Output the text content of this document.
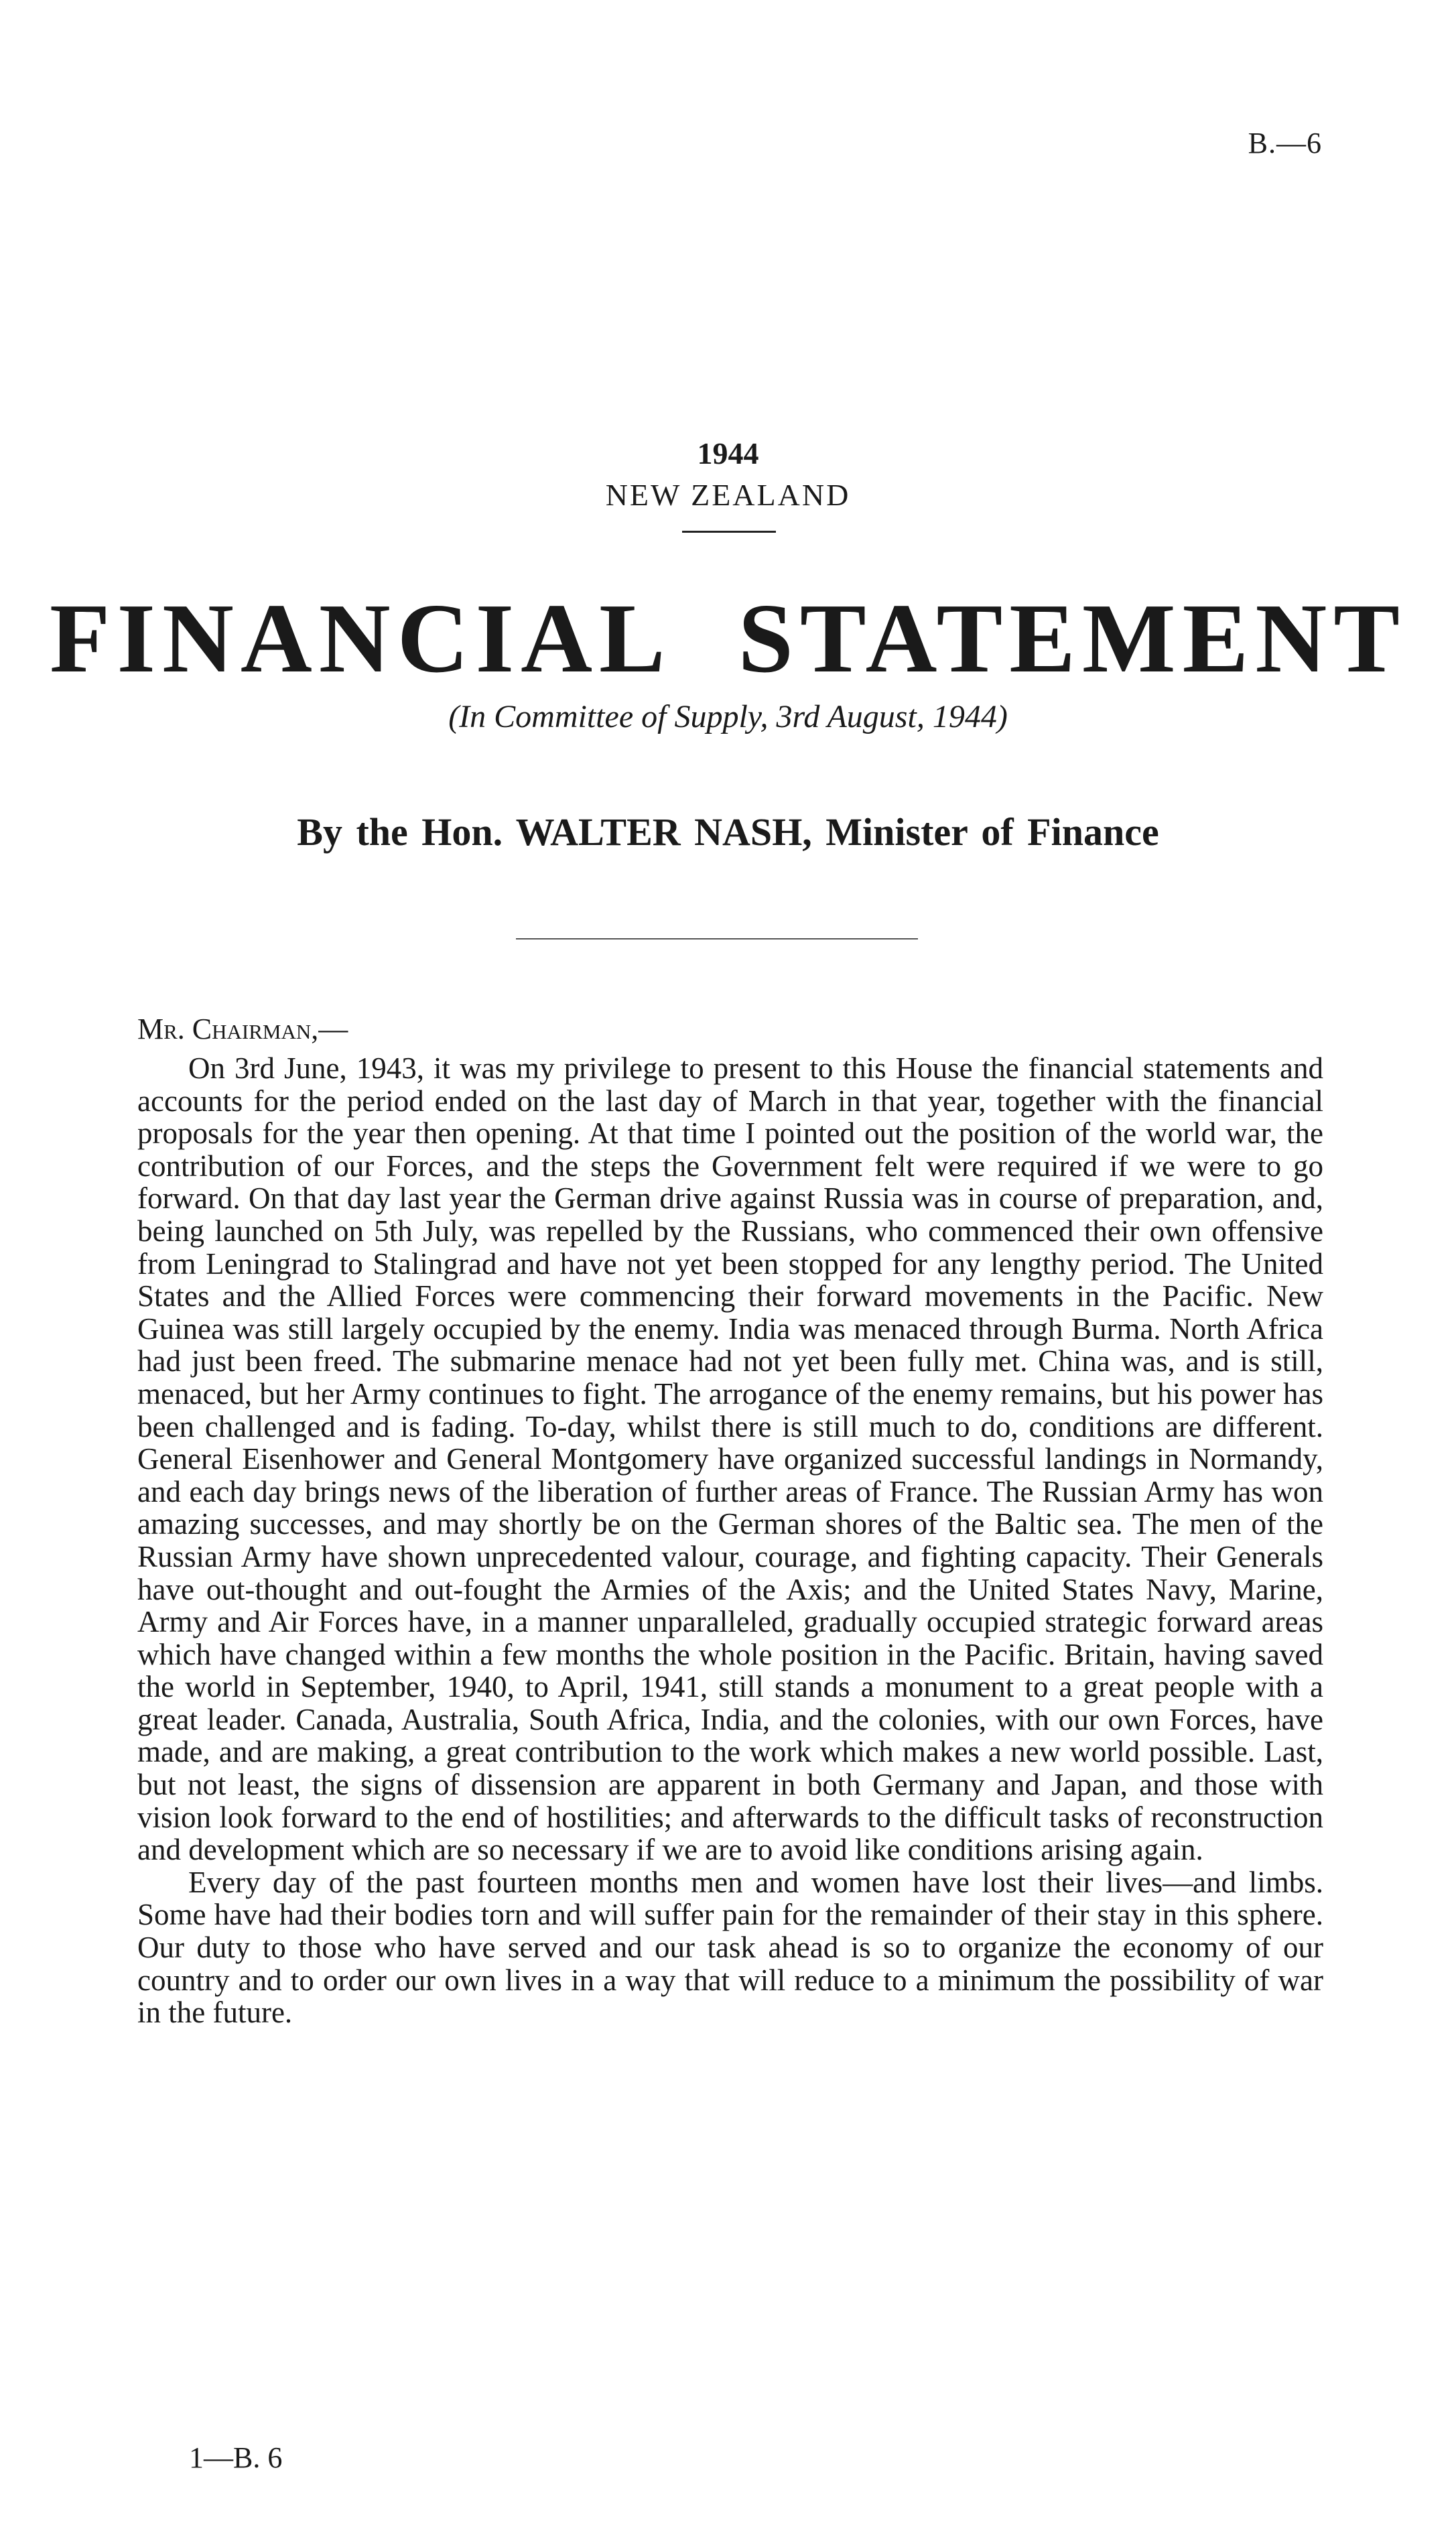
B.—6
1944
NEW ZEALAND
FINANCIAL STATEMENT
(In Committee of Supply, 3rd August, 1944)
By the Hon. WALTER NASH, Minister of Finance
Mr. Chairman,—

On 3rd June, 1943, it was my privilege to present to this House the financial statements and accounts for the period ended on the last day of March in that year, together with the financial proposals for the year then opening. At that time I pointed out the position of the world war, the contribution of our Forces, and the steps the Government felt were required if we were to go forward. On that day last year the German drive against Russia was in course of preparation, and, being launched on 5th July, was repelled by the Russians, who commenced their own offensive from Leningrad to Stalingrad and have not yet been stopped for any lengthy period. The United States and the Allied Forces were commencing their forward movements in the Pacific. New Guinea was still largely occupied by the enemy. India was menaced through Burma. North Africa had just been freed. The submarine menace had not yet been fully met. China was, and is still, menaced, but her Army continues to fight. The arrogance of the enemy remains, but his power has been challenged and is fading. To-day, whilst there is still much to do, conditions are different. General Eisenhower and General Montgomery have organized successful landings in Normandy, and each day brings news of the liberation of further areas of France. The Russian Army has won amazing successes, and may shortly be on the German shores of the Baltic sea. The men of the Russian Army have shown unprecedented valour, courage, and fighting capacity. Their Generals have out-thought and out-fought the Armies of the Axis; and the United States Navy, Marine, Army and Air Forces have, in a manner unparalleled, gradually occupied strategic forward areas which have changed within a few months the whole position in the Pacific. Britain, having saved the world in September, 1940, to April, 1941, still stands a monument to a great people with a great leader. Canada, Australia, South Africa, India, and the colonies, with our own Forces, have made, and are making, a great contribution to the work which makes a new world possible. Last, but not least, the signs of dissension are apparent in both Germany and Japan, and those with vision look forward to the end of hostilities; and afterwards to the difficult tasks of reconstruction and development which are so necessary if we are to avoid like conditions arising again.

Every day of the past fourteen months men and women have lost their lives—and limbs. Some have had their bodies torn and will suffer pain for the remainder of their stay in this sphere. Our duty to those who have served and our task ahead is so to organize the economy of our country and to order our own lives in a way that will reduce to a minimum the possibility of war in the future.

1—B. 6
